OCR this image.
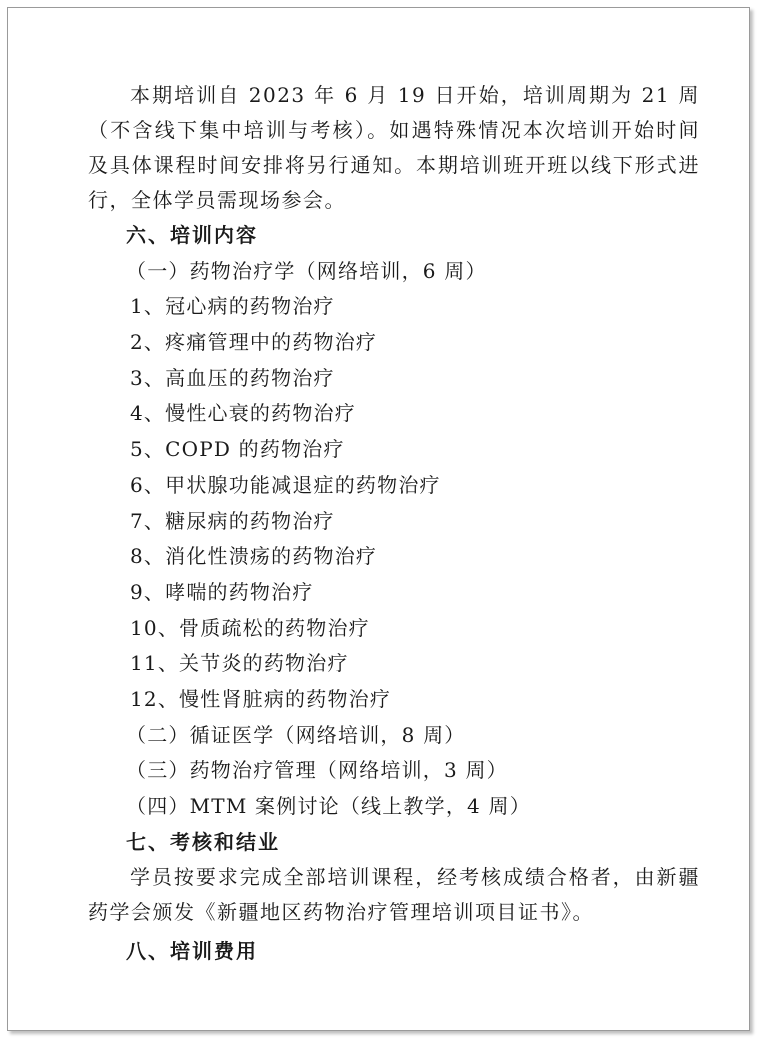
本期培训自 2023 年 6 月 19 日开始，培训周期为 21 周（不含线下集中培训与考核）。如遇特殊情况本次培训开始时间及具体课程时间安排将另行通知。本期培训班开班以线下形式进行，全体学员需现场参会。

六、培训内容
（一）药物治疗学（网络培训，6 周）
1、冠心病的药物治疗
2、疼痛管理中的药物治疗
3、高血压的药物治疗
4、慢性心衰的药物治疗
5、COPD 的药物治疗
6、甲状腺功能减退症的药物治疗
7、糖尿病的药物治疗
8、消化性溃疡的药物治疗
9、哮喘的药物治疗
10、骨质疏松的药物治疗
11、关节炎的药物治疗
12、慢性肾脏病的药物治疗
（二）循证医学（网络培训，8 周）
（三）药物治疗管理（网络培训，3 周）
（四）MTM 案例讨论（线上教学，4 周）
七、考核和结业

学员按要求完成全部培训课程，经考核成绩合格者，由新疆药学会颁发《新疆地区药物治疗管理培训项目证书》。

八、培训费用
